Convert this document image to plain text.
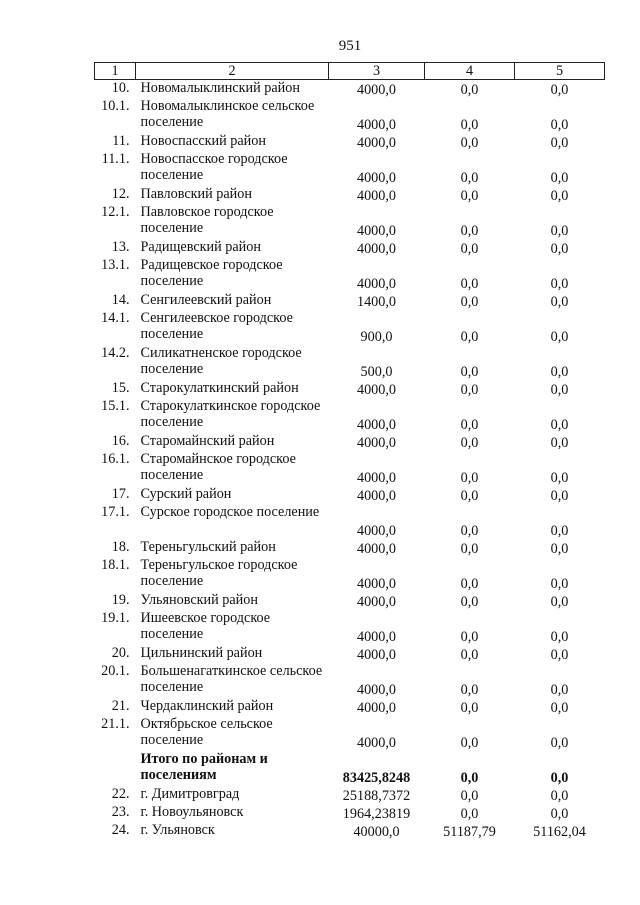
951
1	2	3	4	5
10.	Новомалыклинский район	4000,0	0,0	0,0
10.1.	Новомалыклинское сельское поселение	4000,0	0,0	0,0
11.	Новоспасский район	4000,0	0,0	0,0
11.1.	Новоспасское городское поселение	4000,0	0,0	0,0
12.	Павловский район	4000,0	0,0	0,0
12.1.	Павловское городское поселение	4000,0	0,0	0,0
13.	Радищевский район	4000,0	0,0	0,0
13.1.	Радищевское городское поселение	4000,0	0,0	0,0
14.	Сенгилеевский район	1400,0	0,0	0,0
14.1.	Сенгилеевское городское поселение	900,0	0,0	0,0
14.2.	Силикатненское городское поселение	500,0	0,0	0,0
15.	Старокулаткинский район	4000,0	0,0	0,0
15.1.	Старокулаткинское городское поселение	4000,0	0,0	0,0
16.	Старомайнский район	4000,0	0,0	0,0
16.1.	Старомайнское городское поселение	4000,0	0,0	0,0
17.	Сурский район	4000,0	0,0	0,0
17.1.	Сурское городское поселение	4000,0	0,0	0,0
18.	Тереньгульский район	4000,0	0,0	0,0
18.1.	Тереньгульское городское поселение	4000,0	0,0	0,0
19.	Ульяновский район	4000,0	0,0	0,0
19.1.	Ишеевское городское поселение	4000,0	0,0	0,0
20.	Цильнинский район	4000,0	0,0	0,0
20.1.	Большенагаткинское сельское поселение	4000,0	0,0	0,0
21.	Чердаклинский район	4000,0	0,0	0,0
21.1.	Октябрьское сельское поселение	4000,0	0,0	0,0
	Итого по районам и поселениям	83425,8248	0,0	0,0
22.	г. Димитровград	25188,7372	0,0	0,0
23.	г. Новоульяновск	1964,23819	0,0	0,0
24.	г. Ульяновск	40000,0	51187,79	51162,04
